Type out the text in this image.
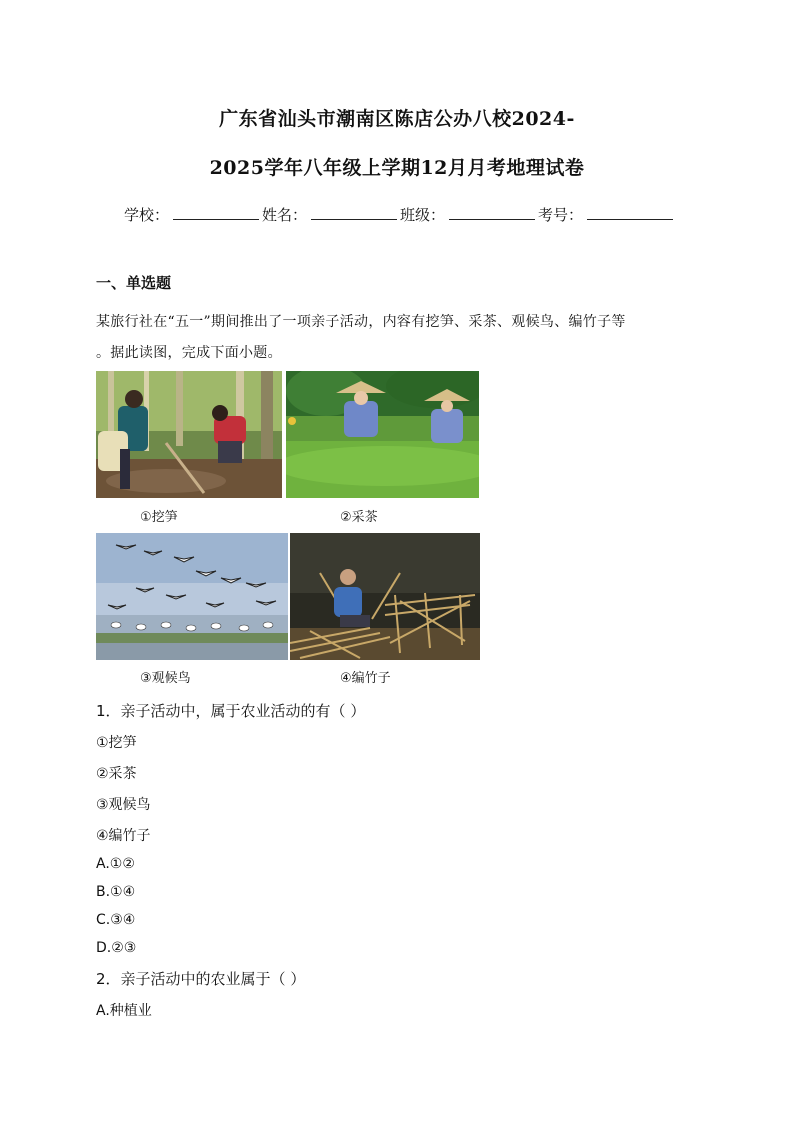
广东省汕头市潮南区陈店公办八校2024-
2025学年八年级上学期12月月考地理试卷
学校：	姓名：	班级：	考号：
一、单选题
某旅行社在“五一”期间推出了一项亲子活动，内容有挖笋、采茶、观候鸟、编竹子等
。据此读图，完成下面小题。
①挖笋	②采茶
③观候鸟	④编竹子
1．亲子活动中，属于农业活动的有（ ）
①挖笋
②采茶
③观候鸟
④编竹子
A.①②
B.①④
C.③④
D.②③
2．亲子活动中的农业属于（ ）
A.种植业
